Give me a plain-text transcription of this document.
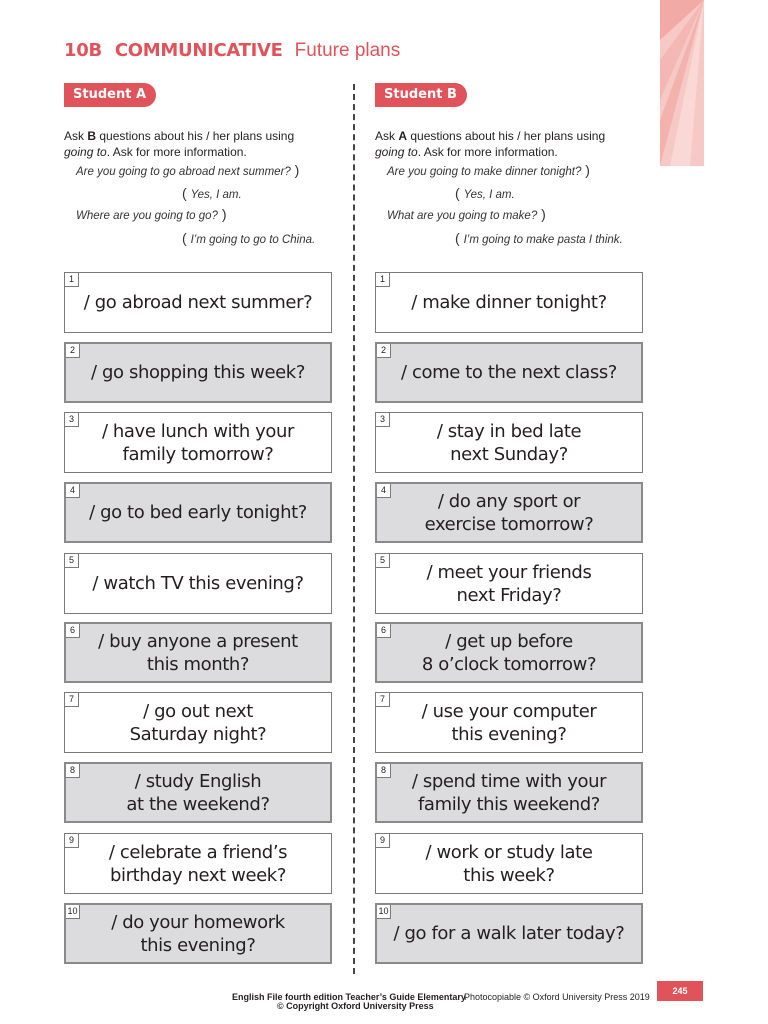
10B COMMUNICATIVE Future plans
Student A

Ask B questions about his / her plans using
going to. Ask for more information.

Are you going to go abroad next summer? )
( Yes, I am.
Where are you going to go? )
( I’m going to go to China.
1
/ go abroad next summer?
2
/ go shopping this week?
3
/ have lunch with your
family tomorrow?
4
/ go to bed early tonight?
5
/ watch TV this evening?
6
/ buy anyone a present
this month?
7
/ go out next
Saturday night?
8
/ study English
at the weekend?
9
/ celebrate a friend’s
birthday next week?
10
/ do your homework
this evening?
Student B

Ask A questions about his / her plans using
going to. Ask for more information.

Are you going to make dinner tonight? )
( Yes, I am.
What are you going to make? )
( I’m going to make pasta I think.
1
/ make dinner tonight?
2
/ come to the next class?
3
/ stay in bed late
next Sunday?
4
/ do any sport or
exercise tomorrow?
5
/ meet your friends
next Friday?
6
/ get up before
8 o’clock tomorrow?
7
/ use your computer
this evening?
8
/ spend time with your
family this weekend?
9
/ work or study late
this week?
10
/ go for a walk later today?
245
English File fourth edition Teacher’s Guide Elementary
Photocopiable © Oxford University Press 2019
© Copyright Oxford University Press
